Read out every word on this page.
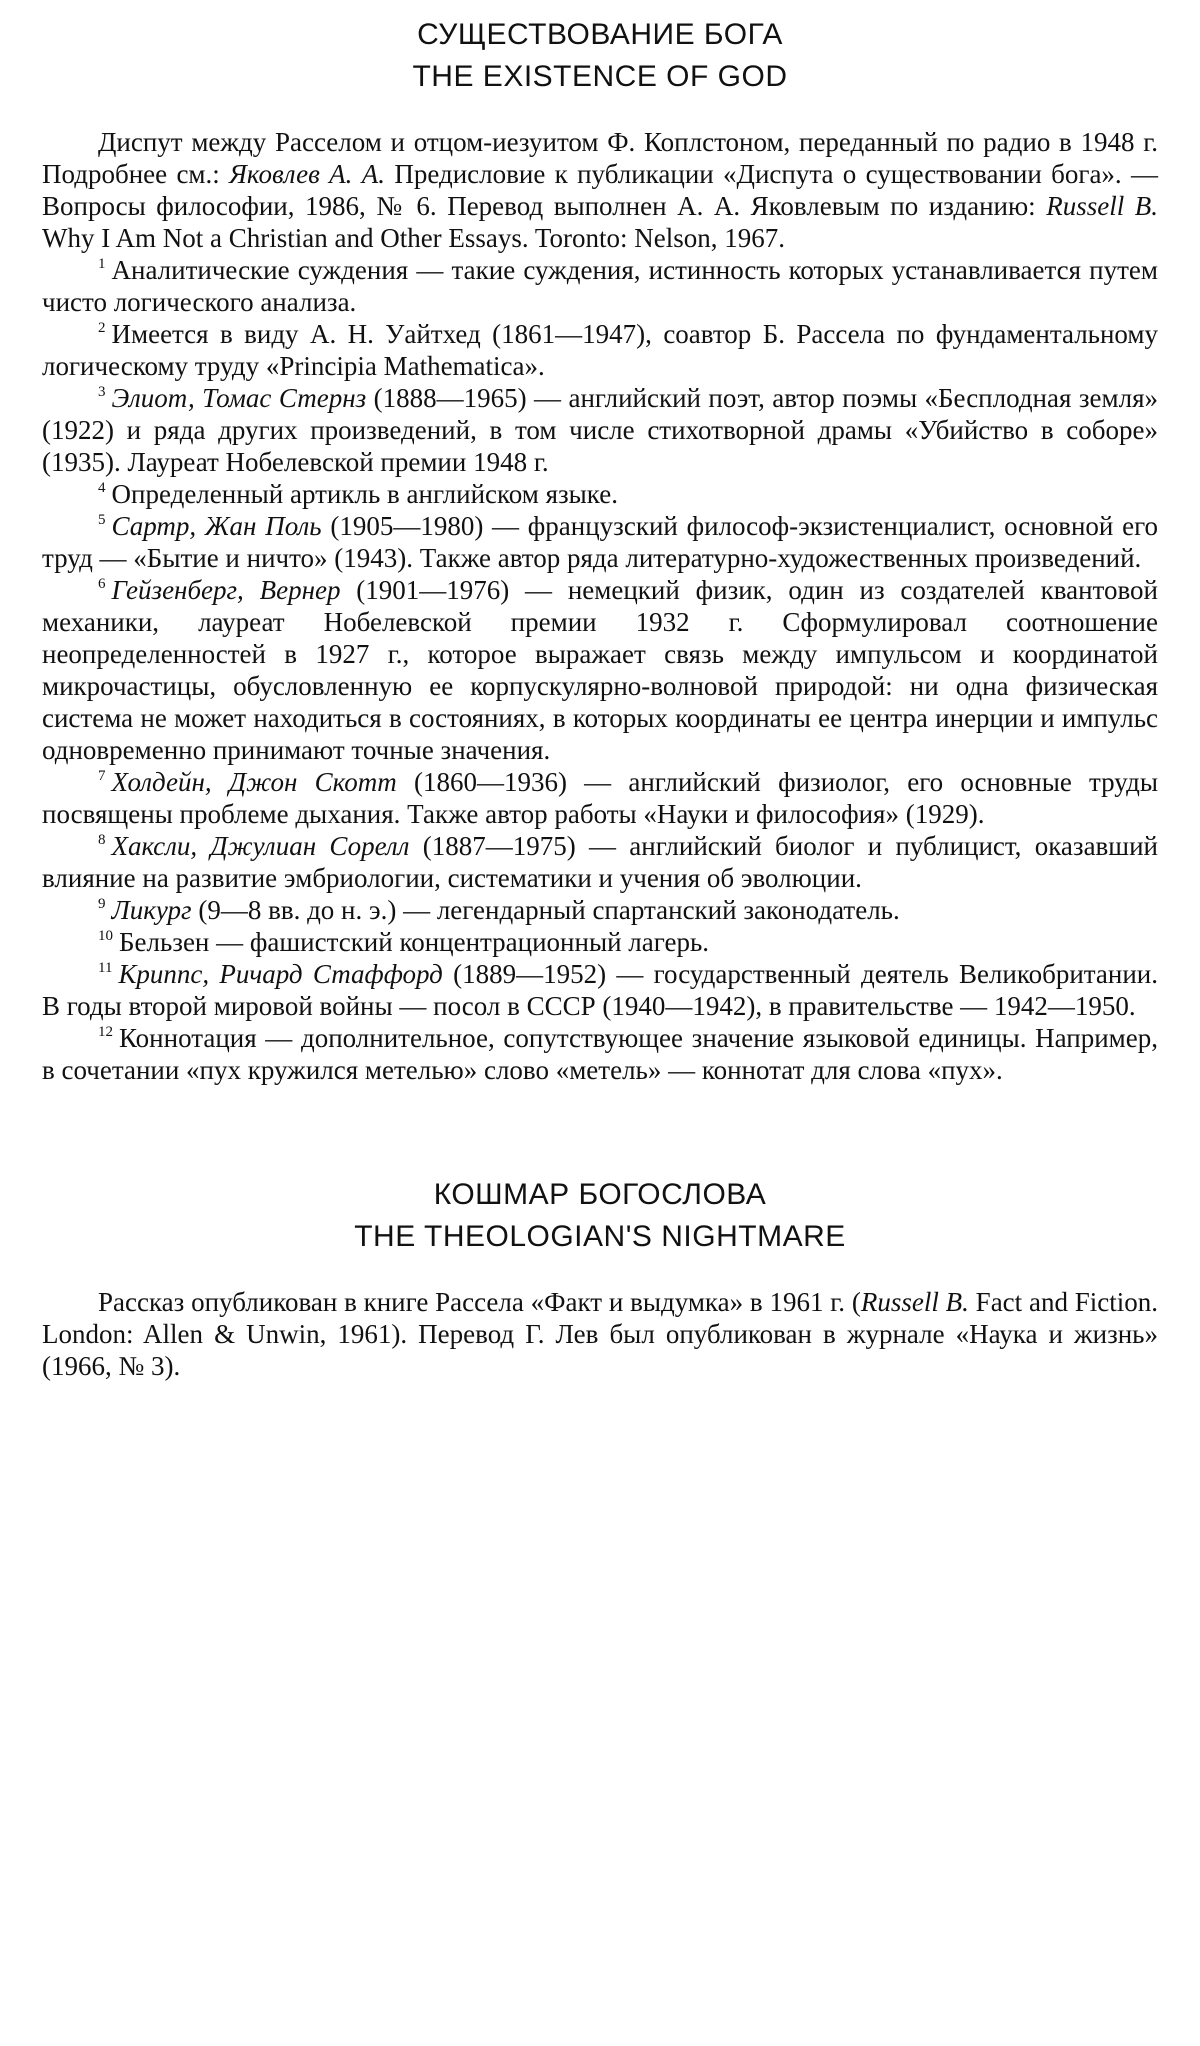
СУЩЕСТВОВАНИЕ БОГА
THE EXISTENCE OF GOD

Диспут между Расселом и отцом-иезуитом Ф. Коплстоном, переданный по радио в 1948 г. Подробнее см.: Яковлев А. А. Предисловие к публикации «Диспута о существовании бога». — Вопросы философии, 1986, № 6. Перевод выполнен А. А. Яковлевым по изданию: Russell B. Why I Am Not a Christian and Other Essays. Toronto: Nelson, 1967.

$^1$ Аналитические суждения — такие суждения, истинность которых устанавливается путем чисто логического анализа.

$^2$ Имеется в виду А. Н. Уайтхед (1861—1947), соавтор Б. Рассела по фундаментальному логическому труду «Principia Mathematica».

$^3$ Элиот, Томас Стернз (1888—1965) — английский поэт, автор поэмы «Бесплодная земля» (1922) и ряда других произведений, в том числе стихотворной драмы «Убийство в соборе» (1935). Лауреат Нобелевской премии 1948 г.

$^4$ Определенный артикль в английском языке.

$^5$ Сартр, Жан Поль (1905—1980) — французский философ-экзистенциалист, основной его труд — «Бытие и ничто» (1943). Также автор ряда литературно-художественных произведений.

$^6$ Гейзенберг, Вернер (1901—1976) — немецкий физик, один из создателей квантовой механики, лауреат Нобелевской премии 1932 г. Сформулировал соотношение неопределенностей в 1927 г., которое выражает связь между импульсом и координатой микрочастицы, обусловленную ее корпускулярно-волновой природой: ни одна физическая система не может находиться в состояниях, в которых координаты ее центра инерции и импульс одновременно принимают точные значения.

$^7$ Холдейн, Джон Скотт (1860—1936) — английский физиолог, его основные труды посвящены проблеме дыхания. Также автор работы «Науки и философия» (1929).

$^8$ Хаксли, Джулиан Сорелл (1887—1975) — английский биолог и публицист, оказавший влияние на развитие эмбриологии, систематики и учения об эволюции.

$^9$ Ликург (9—8 вв. до н. э.) — легендарный спартанский законодатель.

$^{10}$ Бельзен — фашистский концентрационный лагерь.

$^{11}$ Криппс, Ричард Стаффорд (1889—1952) — государственный деятель Великобритании. В годы второй мировой войны — посол в СССР (1940—1942), в правительстве — 1942—1950.

$^{12}$ Коннотация — дополнительное, сопутствующее значение языковой единицы. Например, в сочетании «пух кружился метелью» слово «метель» — коннотат для слова «пух».

КОШМАР БОГОСЛОВА
THE THEOLOGIAN'S NIGHTMARE

Рассказ опубликован в книге Рассела «Факт и выдумка» в 1961 г. (Russell B. Fact and Fiction. London: Allen & Unwin, 1961). Перевод Г. Лев был опубликован в журнале «Наука и жизнь» (1966, № 3).
